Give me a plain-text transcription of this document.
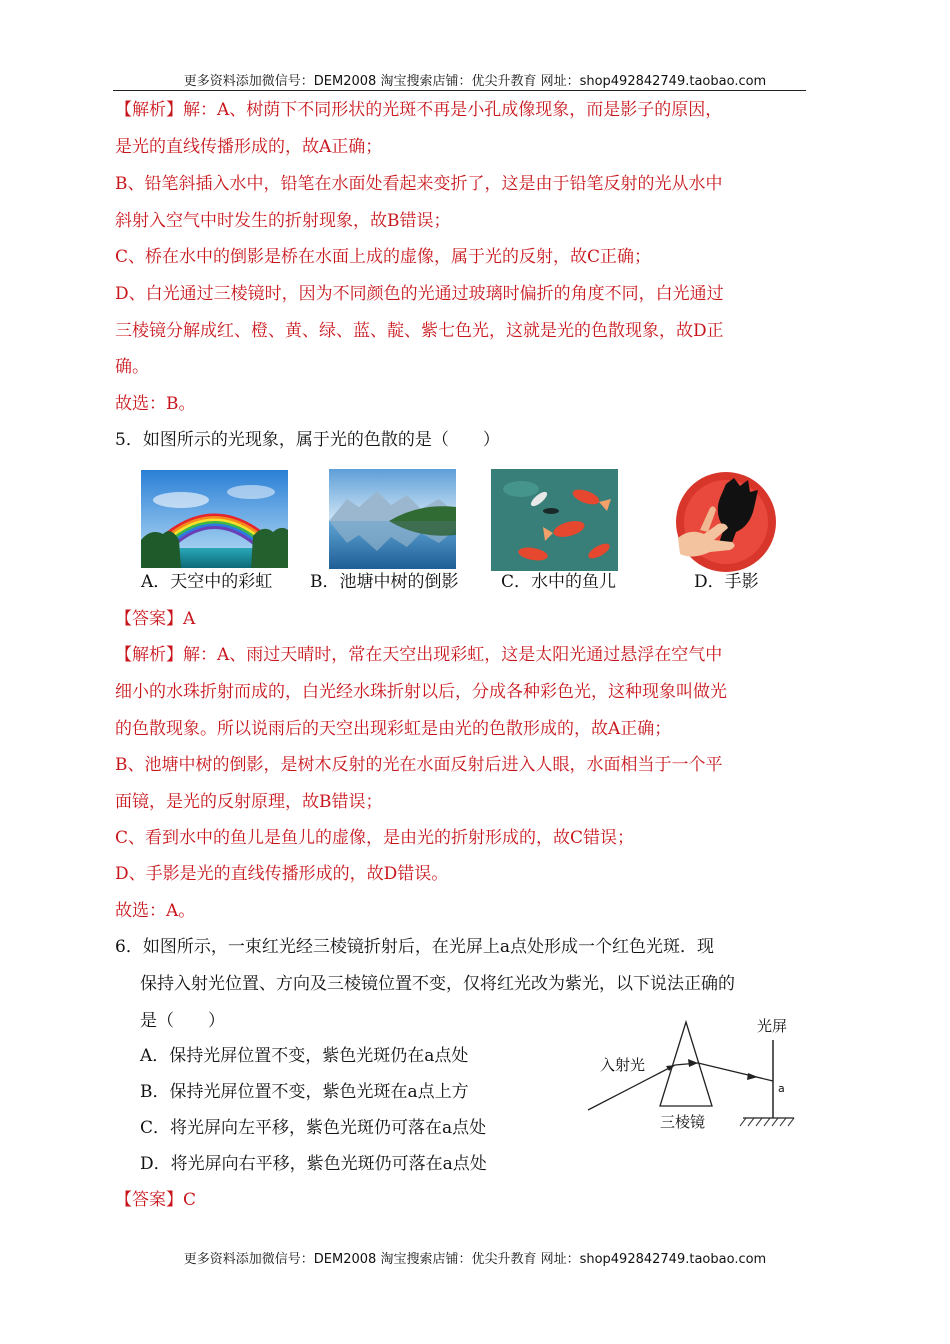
更多资料添加微信号：DEM2008 淘宝搜索店铺：优尖升教育 网址：shop492842749.taobao.com
【解析】解：A、树荫下不同形状的光斑不再是小孔成像现象，而是影子的原因，
是光的直线传播形成的，故A正确；
B、铅笔斜插入水中，铅笔在水面处看起来变折了，这是由于铅笔反射的光从水中
斜射入空气中时发生的折射现象，故B错误；
C、桥在水中的倒影是桥在水面上成的虚像，属于光的反射，故C正确；
D、白光通过三棱镜时，因为不同颜色的光通过玻璃时偏折的角度不同，白光通过
三棱镜分解成红、橙、黄、绿、蓝、靛、紫七色光，这就是光的色散现象，故D正
确。
故选：B。
5．如图所示的光现象，属于光的色散的是（　　）
A．天空中的彩虹 B．池塘中树的倒影	C．水中的鱼儿	D．手影
【答案】A
【解析】解：A、雨过天晴时，常在天空出现彩虹，这是太阳光通过悬浮在空气中
细小的水珠折射而成的，白光经水珠折射以后，分成各种彩色光，这种现象叫做光
的色散现象。所以说雨后的天空出现彩虹是由光的色散形成的，故A正确；
B、池塘中树的倒影，是树木反射的光在水面反射后进入人眼，水面相当于一个平
面镜，是光的反射原理，故B错误；
C、看到水中的鱼儿是鱼儿的虚像，是由光的折射形成的，故C错误；
D、手影是光的直线传播形成的，故D错误。
故选：A。
6．如图所示，一束红光经三棱镜折射后，在光屏上a点处形成一个红色光斑．现
保持入射光位置、方向及三棱镜位置不变，仅将红光改为紫光，以下说法正确的
是（　　）
A．保持光屏位置不变，紫色光斑仍在a点处
B．保持光屏位置不变，紫色光斑在a点上方
C．将光屏向左平移，紫色光斑仍可落在a点处
D．将光屏向右平移，紫色光斑仍可落在a点处
【答案】C
入射光
三棱镜
光屏
a
更多资料添加微信号：DEM2008 淘宝搜索店铺：优尖升教育 网址：shop492842749.taobao.com
